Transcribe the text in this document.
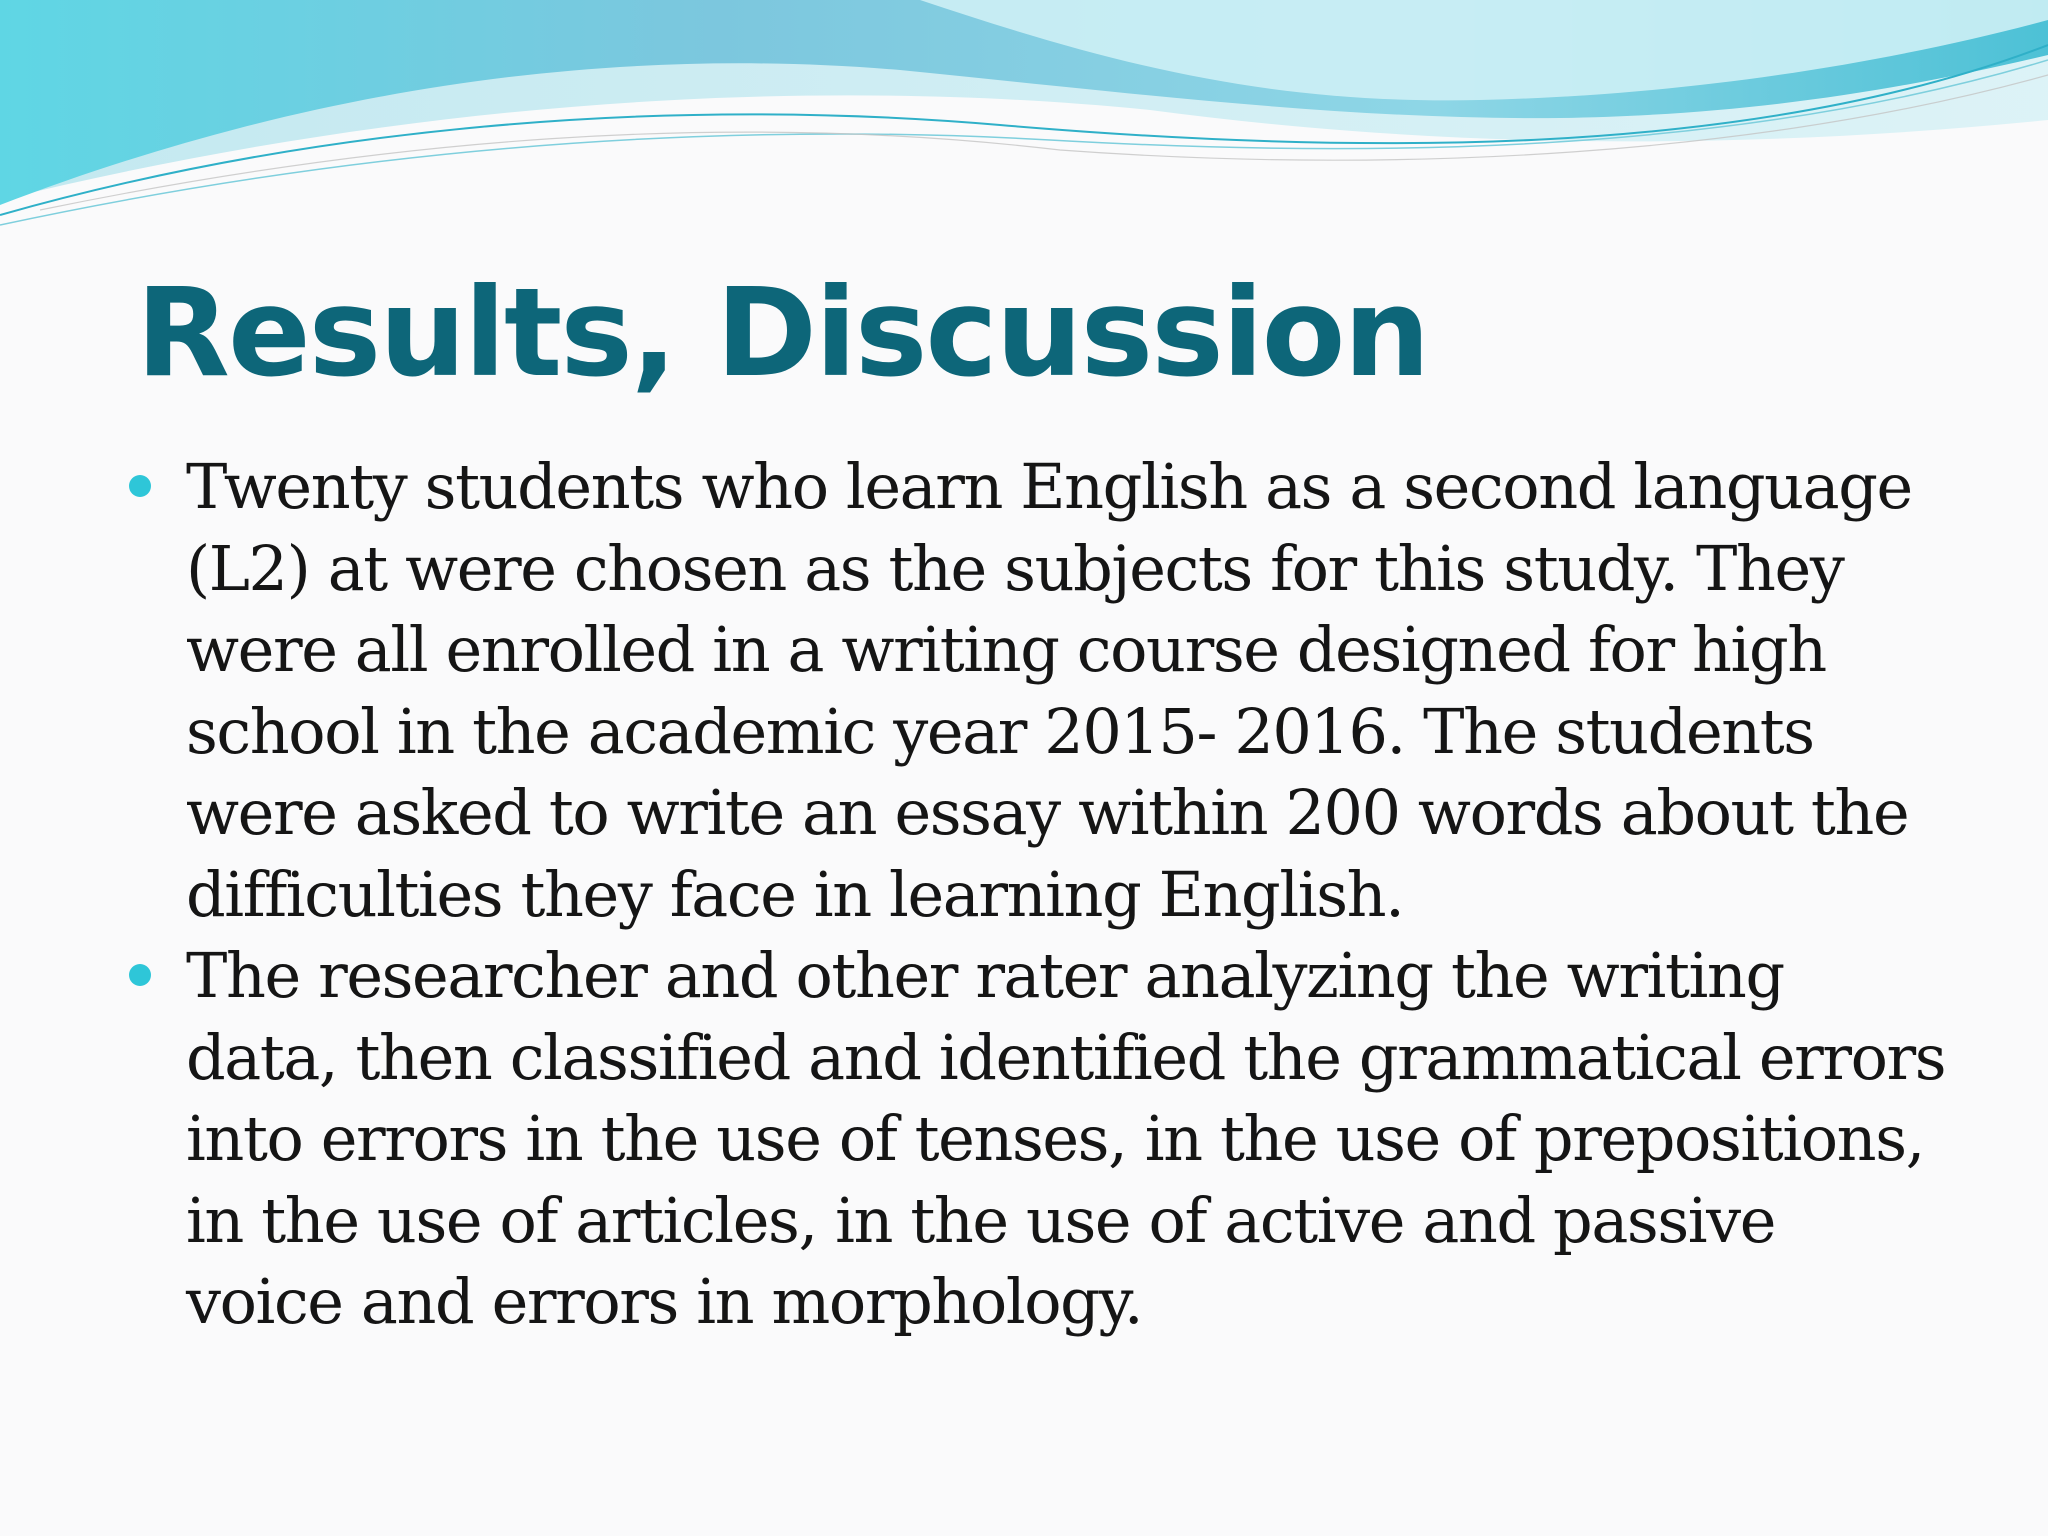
Results, Discussion
Twenty students who learn English as a second language (L2) at were chosen as the subjects for this study. They were all enrolled in a writing course designed for high school in the academic year 2015- 2016. The students were asked to write an essay within 200 words about the difficulties they face in learning English.
The researcher and other rater analyzing the writing data, then classified and identified the grammatical errors into errors in the use of tenses, in the use of prepositions, in the use of articles, in the use of active and passive voice and errors in morphology.
